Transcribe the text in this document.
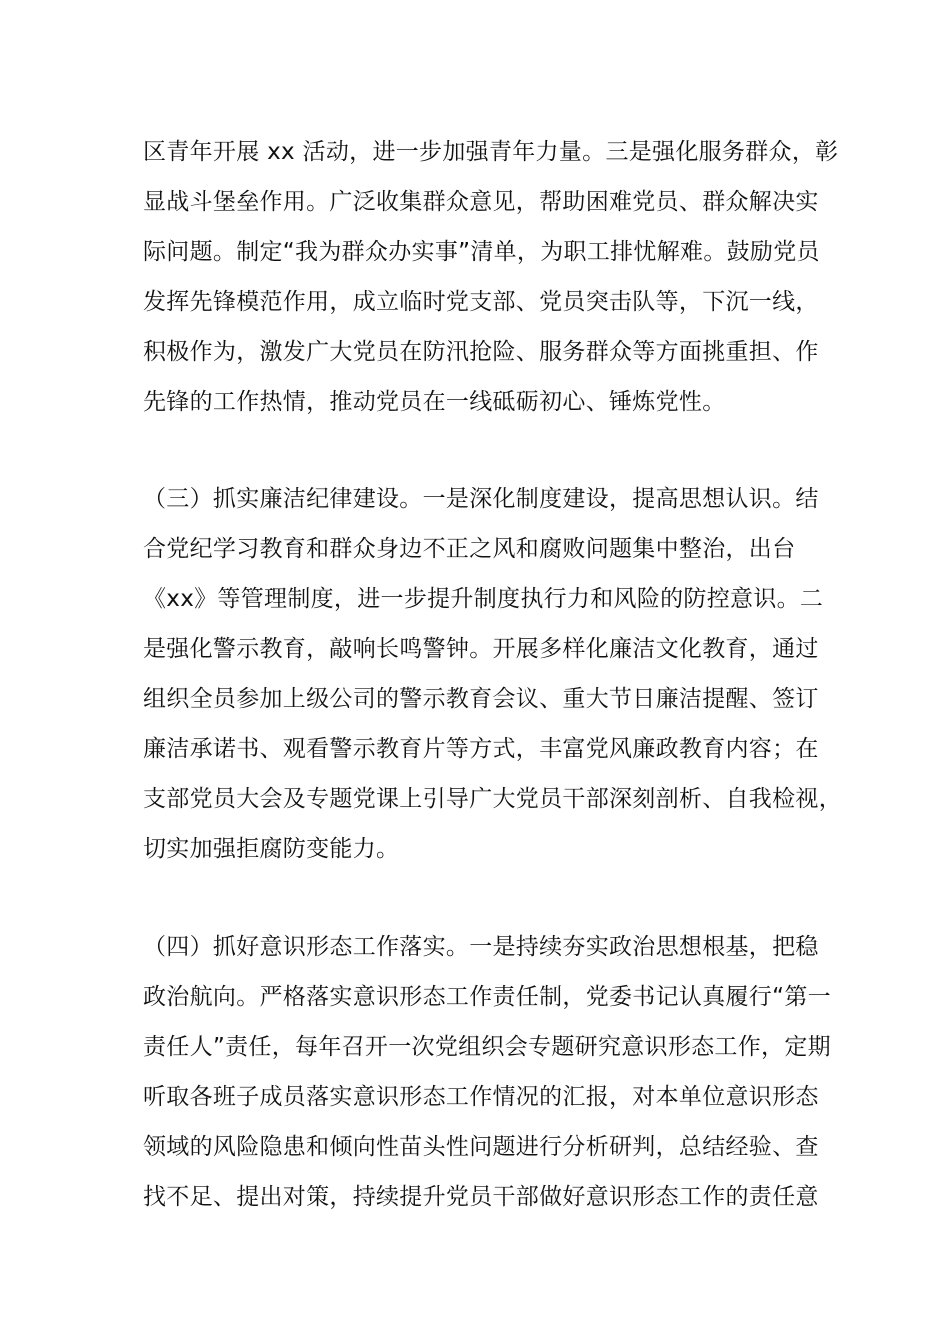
区青年开展 xx 活动，进一步加强青年力量。三是强化服务群众，彰
显战斗堡垒作用。广泛收集群众意见，帮助困难党员、群众解决实
际问题。制定“我为群众办实事”清单，为职工排忧解难。鼓励党员
发挥先锋模范作用，成立临时党支部、党员突击队等，下沉一线，
积极作为，激发广大党员在防汛抢险、服务群众等方面挑重担、作
先锋的工作热情，推动党员在一线砥砺初心、锤炼党性。
（三）抓实廉洁纪律建设。一是深化制度建设，提高思想认识。结
合党纪学习教育和群众身边不正之风和腐败问题集中整治，出台
《xx》等管理制度，进一步提升制度执行力和风险的防控意识。二
是强化警示教育，敲响长鸣警钟。开展多样化廉洁文化教育，通过
组织全员参加上级公司的警示教育会议、重大节日廉洁提醒、签订
廉洁承诺书、观看警示教育片等方式，丰富党风廉政教育内容；在
支部党员大会及专题党课上引导广大党员干部深刻剖析、自我检视，
切实加强拒腐防变能力。
（四）抓好意识形态工作落实。一是持续夯实政治思想根基，把稳
政治航向。严格落实意识形态工作责任制，党委书记认真履行“第一
责任人”责任，每年召开一次党组织会专题研究意识形态工作，定期
听取各班子成员落实意识形态工作情况的汇报，对本单位意识形态
领域的风险隐患和倾向性苗头性问题进行分析研判，总结经验、查
找不足、提出对策，持续提升党员干部做好意识形态工作的责任意
